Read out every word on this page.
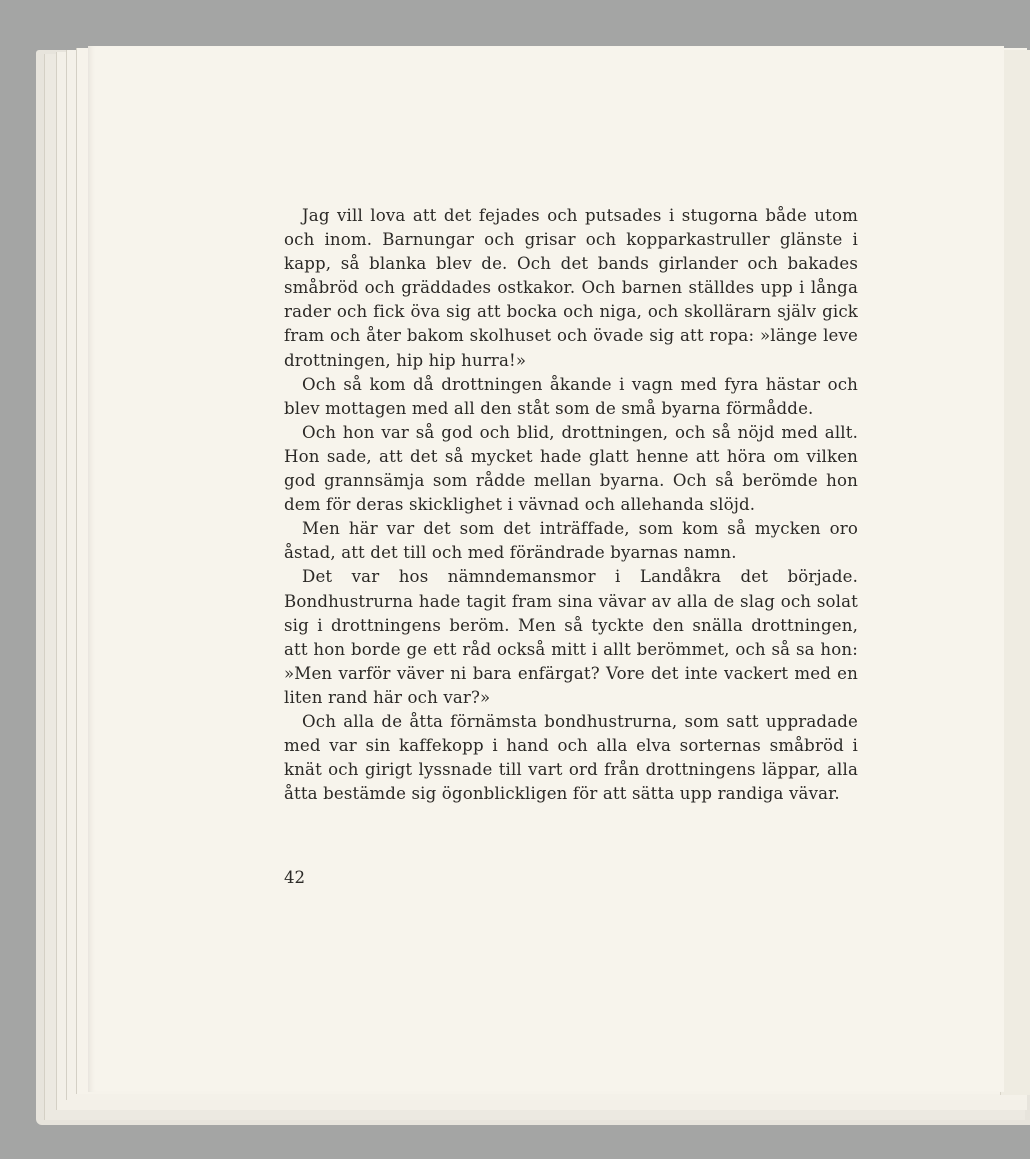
Jag vill lova att det fejades och putsades i stugorna både utom och inom. Barnungar och grisar och kopparkastruller glänste i kapp, så blanka blev de. Och det bands girlander och bakades småbröd och gräddades ostkakor. Och barnen ställdes upp i långa rader och fick öva sig att bocka och niga, och skollärarn själv gick fram och åter bakom skolhuset och övade sig att ropa: »länge leve drottningen, hip hip hurra!»

Och så kom då drottningen åkande i vagn med fyra hästar och blev mottagen med all den ståt som de små byarna förmådde.

Och hon var så god och blid, drottningen, och så nöjd med allt. Hon sade, att det så mycket hade glatt henne att höra om vilken god grannsämja som rådde mellan byarna. Och så berömde hon dem för deras skicklighet i vävnad och allehanda slöjd.

Men här var det som det inträffade, som kom så mycken oro åstad, att det till och med förändrade byarnas namn.

Det var hos nämndemansmor i Landåkra det började. Bondhustrurna hade tagit fram sina vävar av alla de slag och solat sig i drottningens beröm. Men så tyckte den snälla drottningen, att hon borde ge ett råd också mitt i allt berömmet, och så sa hon: »Men varför väver ni bara enfärgat? Vore det inte vackert med en liten rand här och var?»

Och alla de åtta förnämsta bondhustrurna, som satt uppradade med var sin kaffekopp i hand och alla elva sorternas småbröd i knät och girigt lyssnade till vart ord från drottningens läppar, alla åtta bestämde sig ögonblickligen för att sätta upp randiga vävar.

42
